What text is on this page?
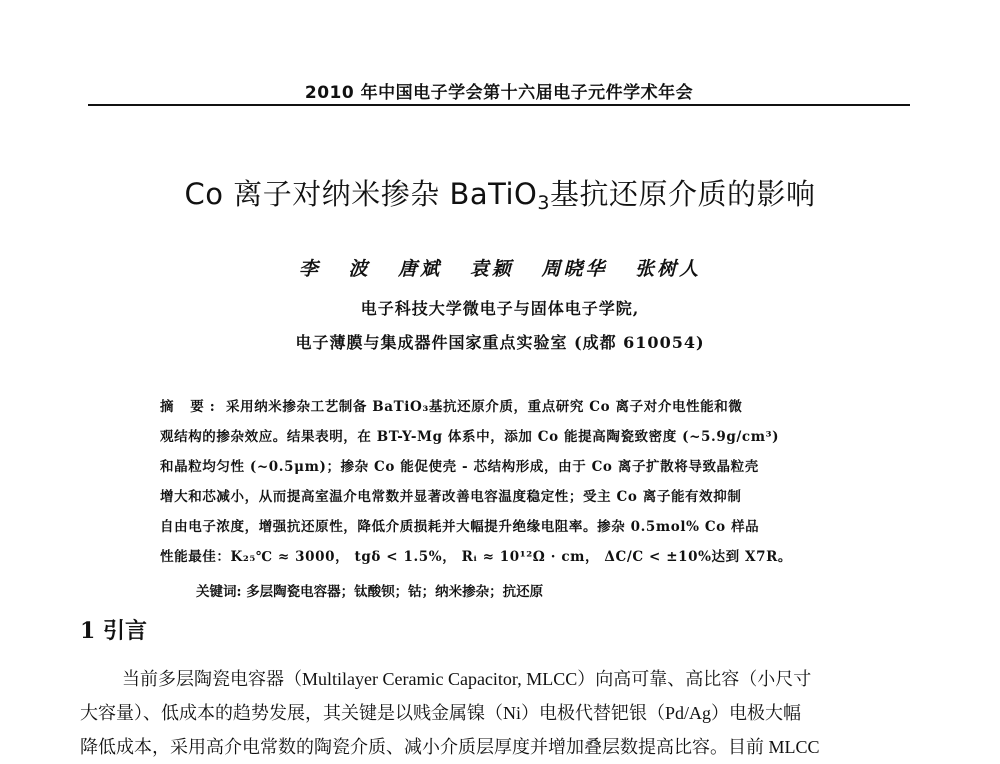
2010 年中国电子学会第十六届电子元件学术年会
Co 离子对纳米掺杂 BaTiO$_3$基抗还原介质的影响
李 波 唐斌 袁颖 周晓华 张树人
电子科技大学微电子与固体电子学院,
电子薄膜与集成器件国家重点实验室 (成都 610054)
摘 要: 采用纳米掺杂工艺制备 BaTiO₃基抗还原介质，重点研究 Co 离子对介电性能和微
观结构的掺杂效应。结果表明，在 BT-Y-Mg 体系中，添加 Co 能提高陶瓷致密度 (~5.9g/cm³)
和晶粒均匀性 (~0.5μm)；掺杂 Co 能促使壳 - 芯结构形成，由于 Co 离子扩散将导致晶粒壳
增大和芯减小，从而提高室温介电常数并显著改善电容温度稳定性；受主 Co 离子能有效抑制
自由电子浓度，增强抗还原性，降低介质损耗并大幅提升绝缘电阻率。掺杂 0.5mol% Co 样品
性能最佳：K₂₅℃ ≈ 3000， tgδ < 1.5%， Rᵢ ≈ 10¹²Ω · cm， ΔC/C < ±10%达到 X7R。
关键词: 多层陶瓷电容器；钛酸钡；钴；纳米掺杂；抗还原
1 引言
当前多层陶瓷电容器（Multilayer Ceramic Capacitor, MLCC）向高可靠、高比容（小尺寸
大容量）、低成本的趋势发展，其关键是以贱金属镍（Ni）电极代替钯银（Pd/Ag）电极大幅
降低成本，采用高介电常数的陶瓷介质、减小介质层厚度并增加叠层数提高比容。目前 MLCC
